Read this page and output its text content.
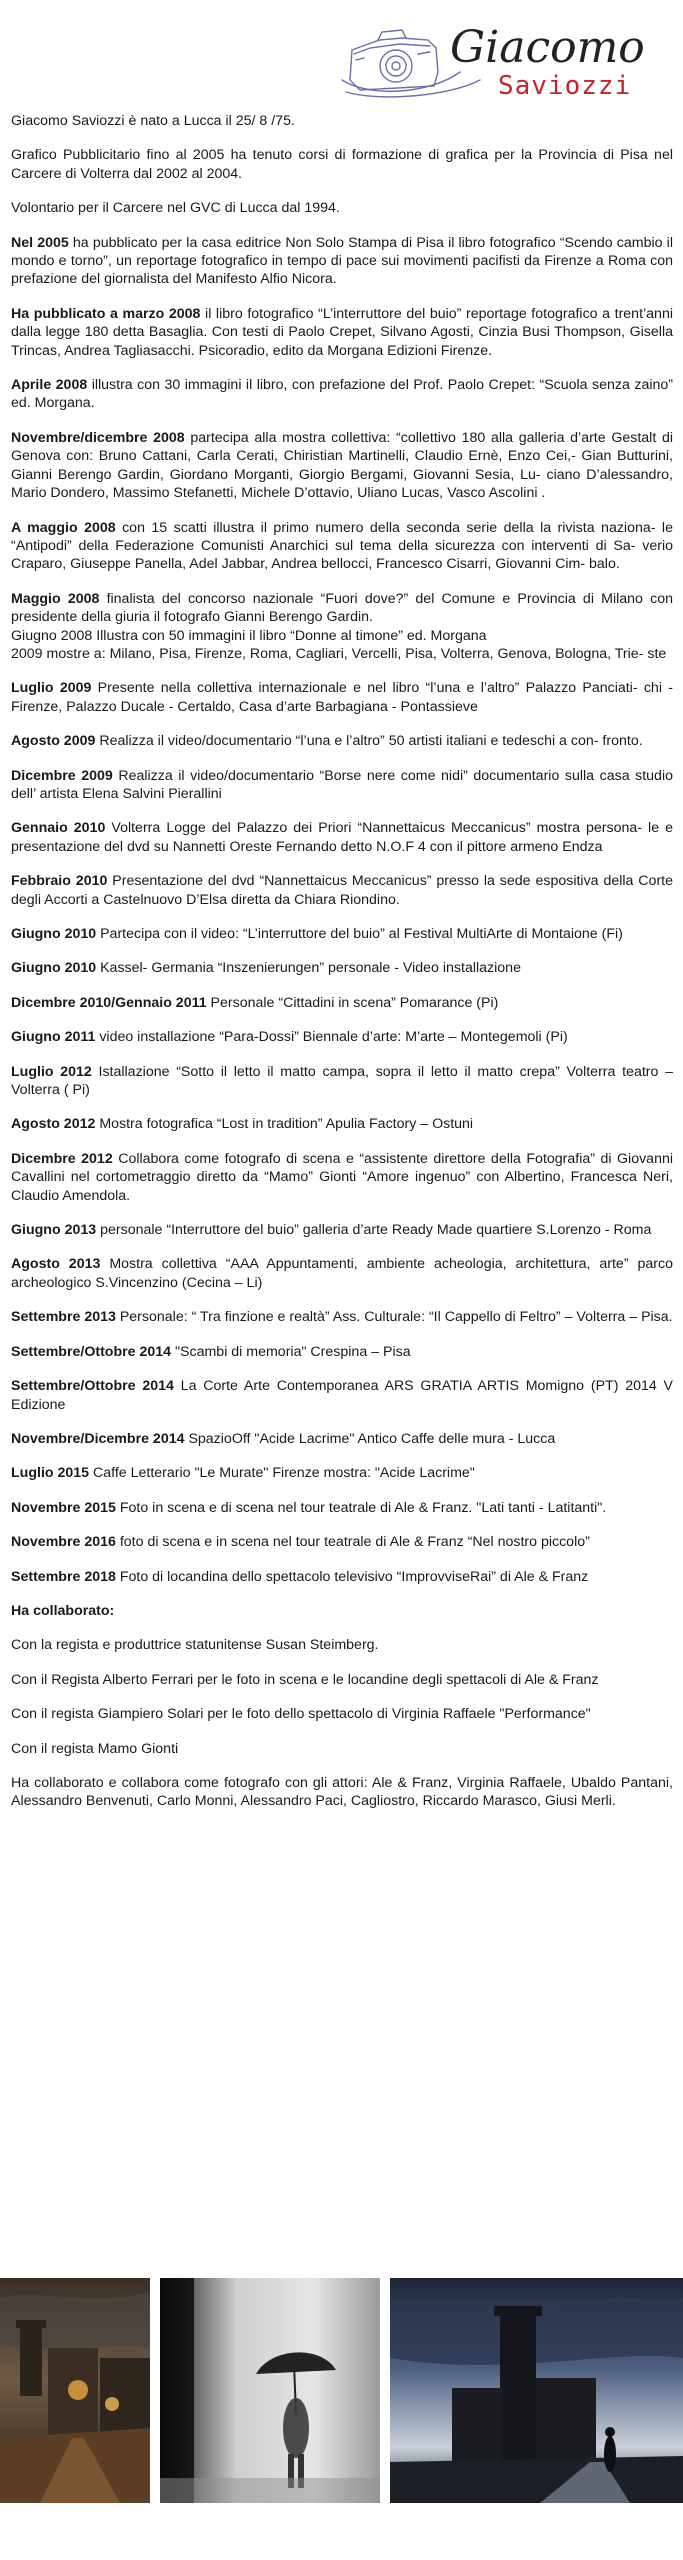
Giacomo
Saviozzi

Giacomo Saviozzi è nato a Lucca il 25/ 8 /75.

Grafico Pubblicitario fino al 2005 ha tenuto corsi di formazione di grafica per la Provincia di Pisa nel Carcere di Volterra dal 2002 al 2004.

Volontario per il Carcere nel GVC di Lucca dal 1994.

Nel 2005 ha pubblicato per la casa editrice Non Solo Stampa di Pisa il libro fotografico “Scendo cambio il mondo e torno”, un reportage fotografico in tempo di pace sui movimenti pacifisti da Firenze a Roma con prefazione del giornalista del Manifesto Alfio Nicora.

Ha pubblicato a marzo 2008 il libro fotografico “L’interruttore del buio” reportage fotografico a trent’anni dalla legge 180 detta Basaglia. Con testi di Paolo Crepet, Silvano Agosti, Cinzia Busi Thompson, Gisella Trincas, Andrea Tagliasacchi. Psicoradio, edito da Morgana Edizioni Firenze.

Aprile 2008 illustra con 30 immagini il libro, con prefazione del Prof. Paolo Crepet: “Scuola senza zaino” ed. Morgana.

Novembre/dicembre 2008 partecipa alla mostra collettiva: “collettivo 180 alla galleria d’arte Gestalt di Genova con: Bruno Cattani, Carla Cerati, Chiristian Martinelli, Claudio Ernè, Enzo Cei,- Gian Butturini, Gianni Berengo Gardin, Giordano Morganti, Giorgio Bergami, Giovanni Sesia, Lu- ciano D’alessandro, Mario Dondero, Massimo Stefanetti, Michele D’ottavio, Uliano Lucas, Vasco Ascolini .

A maggio 2008 con 15 scatti illustra il primo numero della seconda serie della la rivista naziona- le “Antipodi” della Federazione Comunisti Anarchici sul tema della sicurezza con interventi di Sa- verio Craparo, Giuseppe Panella, Adel Jabbar, Andrea bellocci, Francesco Cisarri, Giovanni Cim- balo.

Maggio 2008 finalista del concorso nazionale “Fuori dove?” del Comune e Provincia di Milano con presidente della giuria il fotografo Gianni Berengo Gardin.
Giugno 2008 Illustra con 50 immagini il libro “Donne al timone” ed. Morgana
2009 mostre a: Milano, Pisa, Firenze, Roma, Cagliari, Vercelli, Pisa, Volterra, Genova, Bologna, Trie- ste

Luglio 2009 Presente nella collettiva internazionale e nel libro “l’una e l’altro” Palazzo Panciati- chi - Firenze, Palazzo Ducale - Certaldo, Casa d’arte Barbagiana - Pontassieve

Agosto 2009 Realizza il video/documentario “l’una e l’altro” 50 artisti italiani e tedeschi a con- fronto.

Dicembre 2009 Realizza il video/documentario “Borse nere come nidi” documentario sulla casa studio dell’ artista Elena Salvini Pierallini

Gennaio 2010 Volterra Logge del Palazzo dei Priori “Nannettaicus Meccanicus” mostra persona- le e presentazione del dvd su Nannetti Oreste Fernando detto N.O.F 4 con il pittore armeno Endza

Febbraio 2010 Presentazione del dvd “Nannettaicus Meccanicus” presso la sede espositiva della Corte degli Accorti a Castelnuovo D’Elsa diretta da Chiara Riondino.

Giugno 2010 Partecipa con il video: “L’interruttore del buio” al Festival MultiArte di Montaione (Fi)

Giugno 2010 Kassel- Germania “Inszenierungen” personale - Video installazione

Dicembre 2010/Gennaio 2011 Personale “Cittadini in scena” Pomarance (Pi)

Giugno 2011 video installazione “Para-Dossi” Biennale d’arte: M’arte – Montegemoli (Pi)

Luglio 2012 Istallazione “Sotto il letto il matto campa, sopra il letto il matto crepa” Volterra teatro – Volterra ( Pi)

Agosto 2012 Mostra fotografica “Lost in tradition” Apulia Factory – Ostuni

Dicembre 2012 Collabora come fotografo di scena e “assistente direttore della Fotografia” di Giovanni Cavallini nel cortometraggio diretto da “Mamo” Gionti “Amore ingenuo” con Albertino, Francesca Neri, Claudio Amendola.

Giugno 2013 personale “Interruttore del buio” galleria d’arte Ready Made quartiere S.Lorenzo - Roma

Agosto 2013 Mostra collettiva “AAA Appuntamenti, ambiente acheologia, architettura, arte” parco archeologico S.Vincenzino (Cecina – Li)

Settembre 2013 Personale: “ Tra finzione e realtà” Ass. Culturale: “Il Cappello di Feltro” – Volterra – Pisa.

Settembre/Ottobre 2014 "Scambi di memoria" Crespina – Pisa

Settembre/Ottobre 2014 La Corte Arte Contemporanea ARS GRATIA ARTIS Momigno (PT) 2014 V Edizione

Novembre/Dicembre 2014 SpazioOff "Acide Lacrime" Antico Caffe delle mura - Lucca

Luglio 2015 Caffe Letterario "Le Murate" Firenze mostra: "Acide Lacrime"

Novembre 2015 Foto in scena e di scena nel tour teatrale di Ale & Franz. "Lati tanti - Latitanti".

Novembre 2016 foto di scena e in scena nel tour teatrale di Ale & Franz “Nel nostro piccolo”

Settembre 2018 Foto di locandina dello spettacolo televisivo “ImprovviseRai” di Ale & Franz

Ha collaborato:

Con la regista e produttrice statunitense Susan Steimberg.

Con il Regista Alberto Ferrari per le foto in scena e le locandine degli spettacoli di Ale & Franz

Con il regista Giampiero Solari per le foto dello spettacolo di Virginia Raffaele "Performance"

Con il regista Mamo Gionti

Ha collaborato e collabora come fotografo con gli attori: Ale & Franz, Virginia Raffaele, Ubaldo Pantani, Alessandro Benvenuti, Carlo Monni, Alessandro Paci, Cagliostro, Riccardo Marasco, Giusi Merli.
